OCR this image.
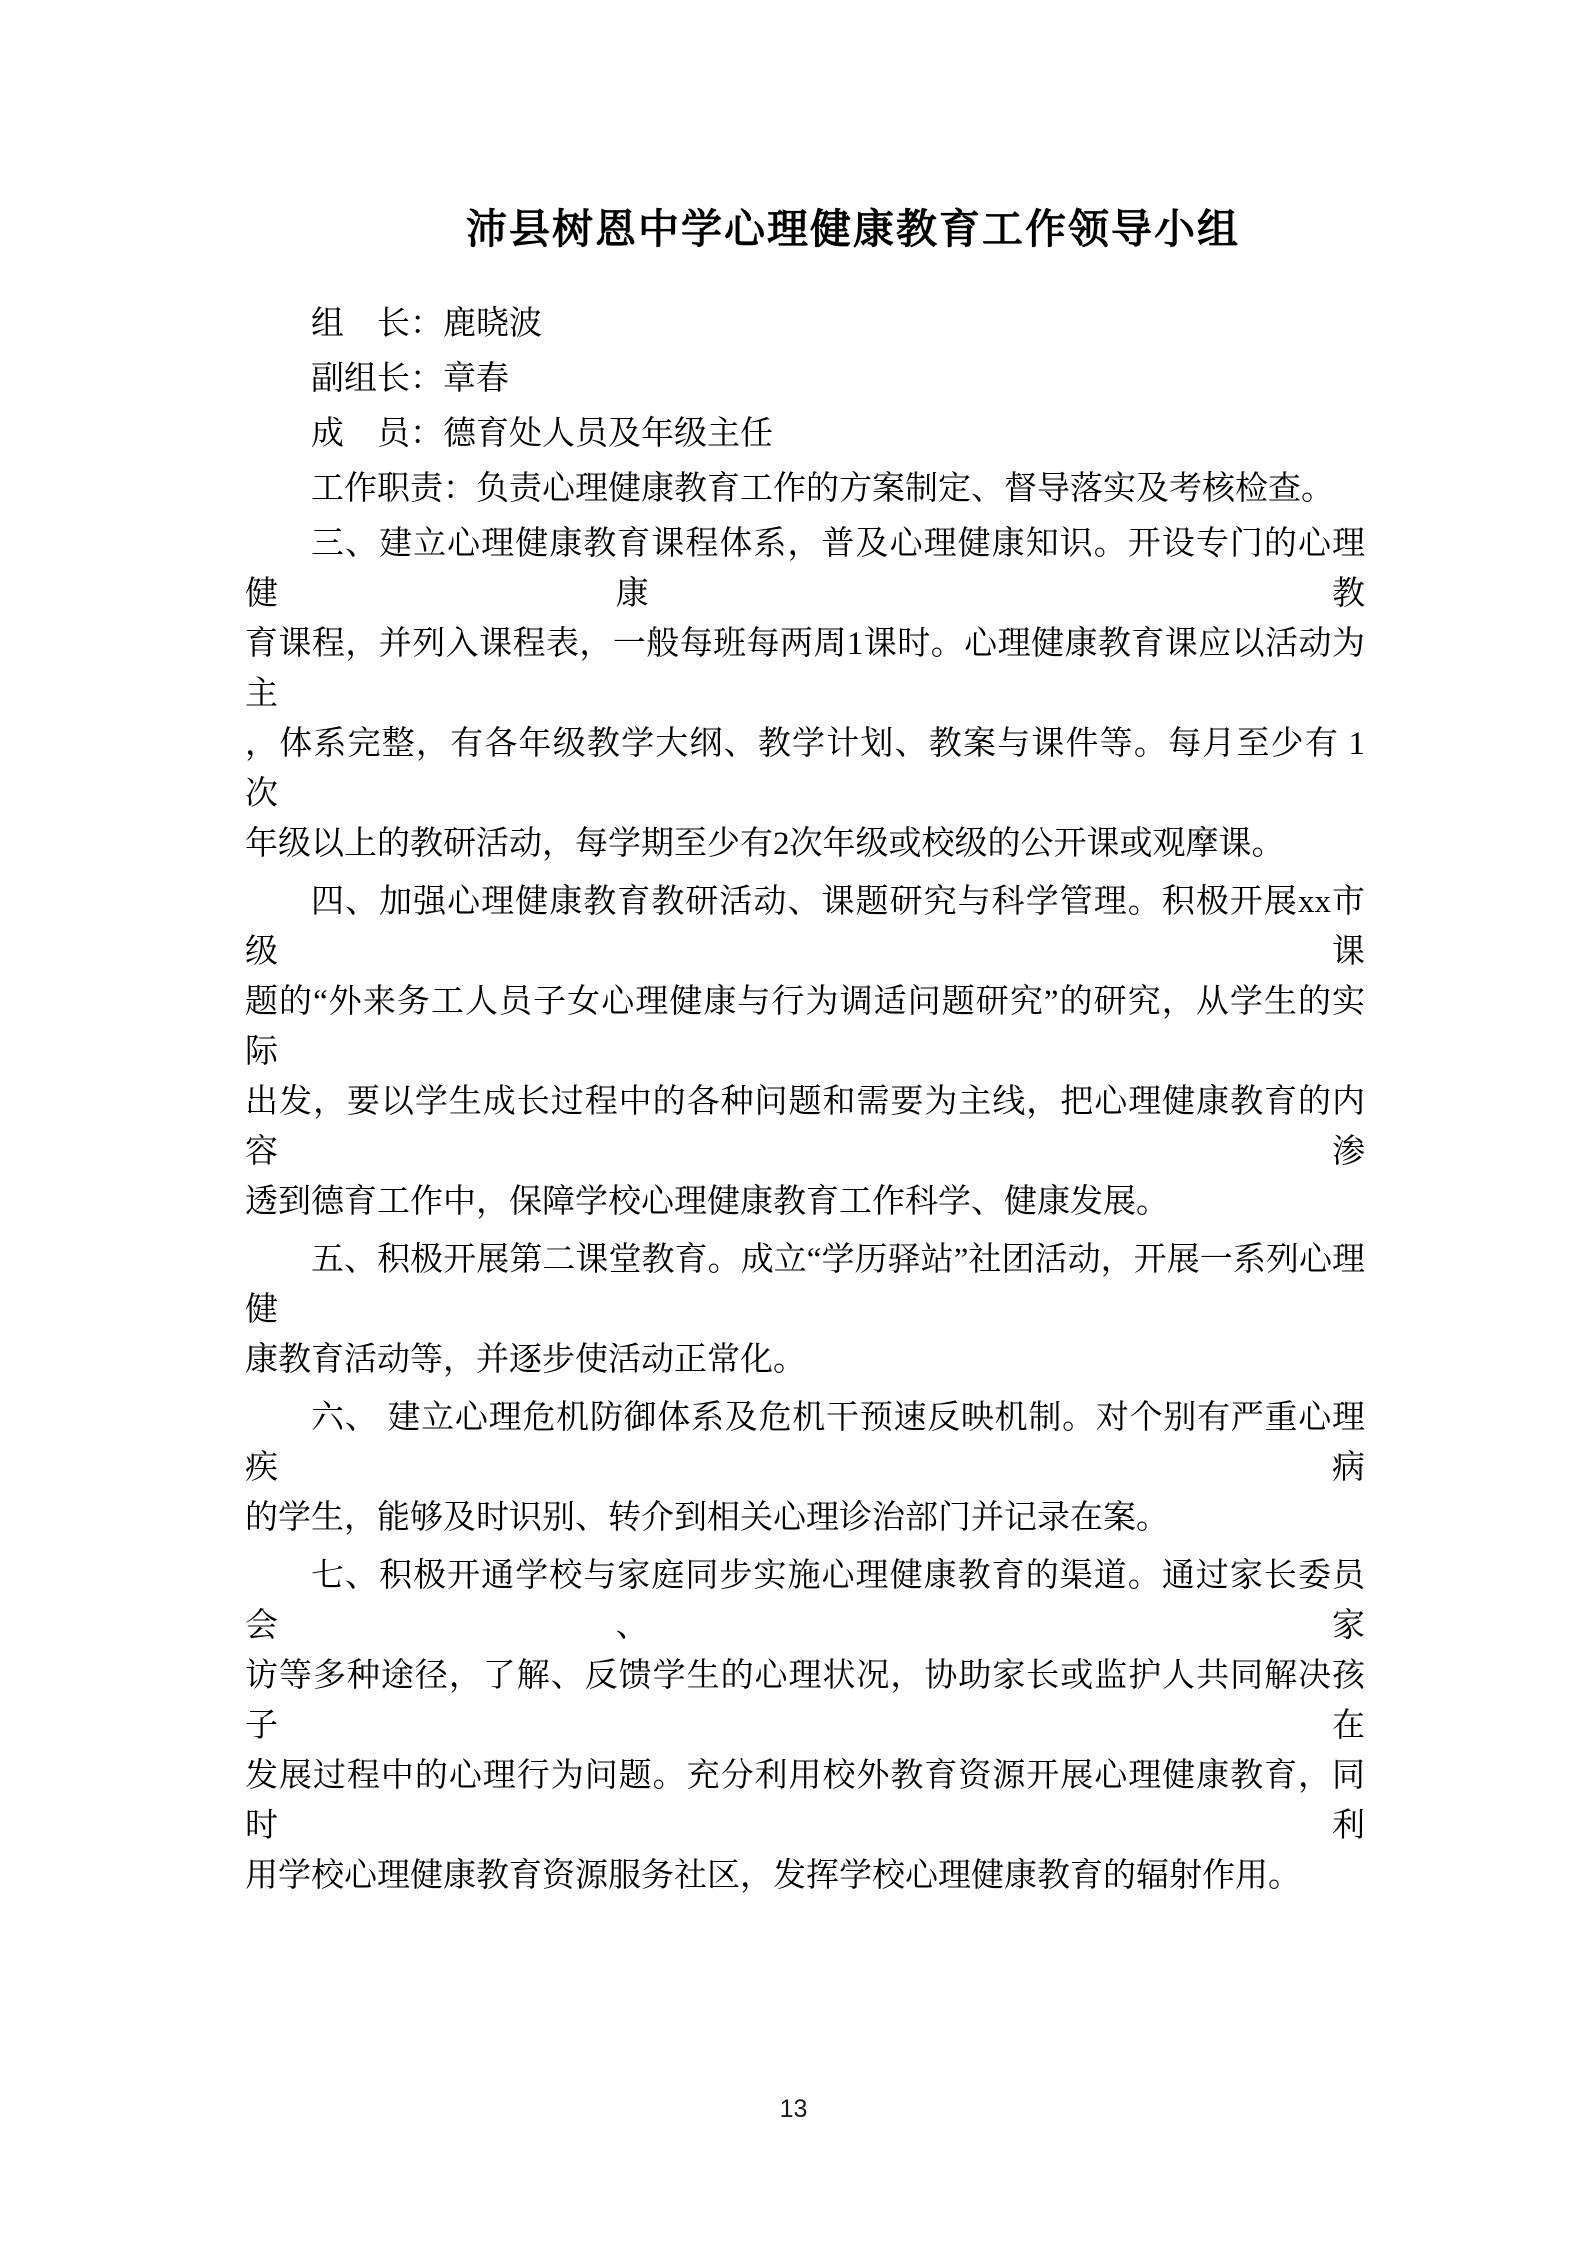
沛县树恩中学心理健康教育工作领导小组
组　长：鹿晓波
副组长：章春
成　员：德育处人员及年级主任
工作职责：负责心理健康教育工作的方案制定、督导落实及考核检查。
三、建立心理健康教育课程体系，普及心理健康知识。开设专门的心理健康 教
育课程，并列入课程表，一般每班每两周1课时。心理健康教育课应以活动为 主
，体系完整，有各年级教学大纲、教学计划、教案与课件等。每月至少有 1 次
年级以上的教研活动，每学期至少有2次年级或校级的公开课或观摩课。
四、加强心理健康教育教研活动、课题研究与科学管理。积极开展xx市级 课
题的“外来务工人员子女心理健康与行为调适问题研究”的研究，从学生的实 际
出发，要以学生成长过程中的各种问题和需要为主线，把心理健康教育的内容 渗
透到德育工作中，保障学校心理健康教育工作科学、健康发展。
五、积极开展第二课堂教育。成立“学历驿站”社团活动，开展一系列心理 健
康教育活动等，并逐步使活动正常化。
六、 建立心理危机防御体系及危机干预速反映机制。对个别有严重心理疾病
的学生，能够及时识别、转介到相关心理诊治部门并记录在案。
七、积极开通学校与家庭同步实施心理健康教育的渠道。通过家长委员会、 家
访等多种途径，了解、反馈学生的心理状况，协助家长或监护人共同解决孩子 在
发展过程中的心理行为问题。充分利用校外教育资源开展心理健康教育，同时 利
用学校心理健康教育资源服务社区，发挥学校心理健康教育的辐射作用。
13
